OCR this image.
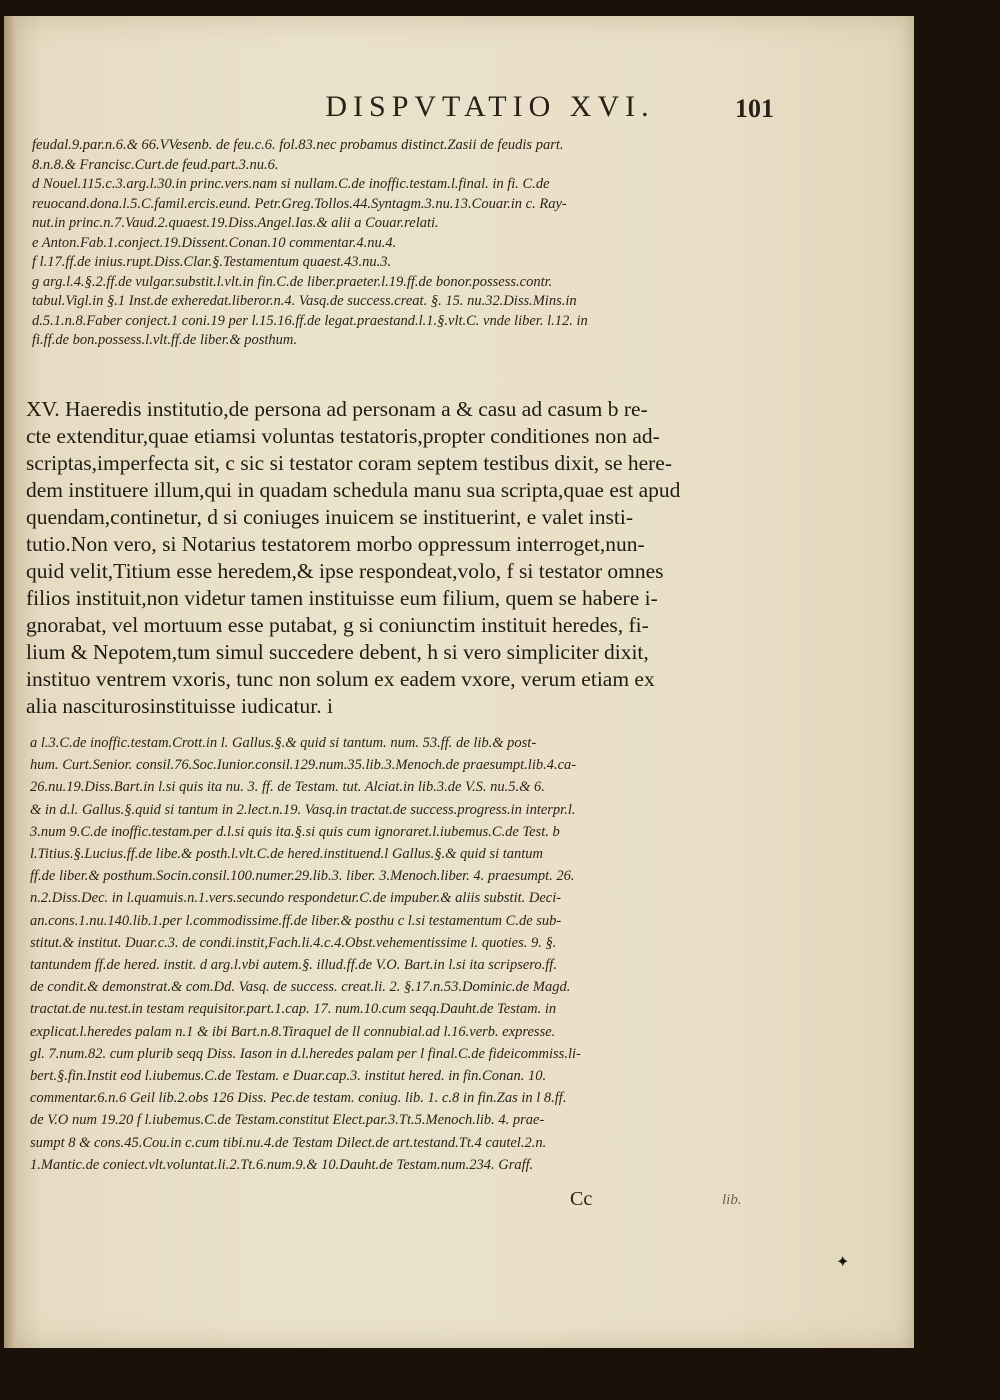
DISPVTATIO XVI.	101

feudal.9.par.n.6.& 66.VVesenb. de feu.c.6. fol.83.nec probamus distinct.Zasii de feudis part.

8.n.8.& Francisc.Curt.de feud.part.3.nu.6.

d Nouel.115.c.3.arg.l.30.in princ.vers.nam si nullam.C.de inoffic.testam.l.final. in fi. C.de

reuocand.dona.l.5.C.famil.ercis.eund. Petr.Greg.Tollos.44.Syntagm.3.nu.13.Couar.in c. Ray-

nut.in princ.n.7.Vaud.2.quaest.19.Diss.Angel.Ias.& alii a Couar.relati.

e Anton.Fab.1.conject.19.Dissent.Conan.10 commentar.4.nu.4.

f l.17.ff.de inius.rupt.Diss.Clar.§.Testamentum quaest.43.nu.3.

g arg.l.4.§.2.ff.de vulgar.substit.l.vlt.in fin.C.de liber.praeter.l.19.ff.de bonor.possess.contr.

tabul.Vigl.in §.1 Inst.de exheredat.liberor.n.4. Vasq.de success.creat. §. 15. nu.32.Diss.Mins.in

d.5.1.n.8.Faber conject.1 coni.19 per l.15.16.ff.de legat.praestand.l.1.§.vlt.C. vnde liber. l.12. in

fi.ff.de bon.possess.l.vlt.ff.de liber.& posthum.

XV. Haeredis institutio,de persona ad personam a & casu ad casum b re-

cte extenditur,quae etiamsi voluntas testatoris,propter conditiones non ad-

scriptas,imperfecta sit, c sic si testator coram septem testibus dixit, se here-

dem instituere illum,qui in quadam schedula manu sua scripta,quae est apud

quendam,continetur, d si coniuges inuicem se instituerint, e valet insti-

tutio.Non vero, si Notarius testatorem morbo oppressum interroget,nun-

quid velit,Titium esse heredem,& ipse respondeat,volo, f si testator omnes

filios instituit,non videtur tamen instituisse eum filium, quem se habere i-

gnorabat, vel mortuum esse putabat, g si coniunctim instituit heredes, fi-

lium & Nepotem,tum simul succedere debent, h si vero simpliciter dixit,

instituo ventrem vxoris, tunc non solum ex eadem vxore, verum etiam ex

alia nasciturosinstituisse iudicatur. i

a l.3.C.de inoffic.testam.Crott.in l. Gallus.§.& quid si tantum. num. 53.ff. de lib.& post-

hum. Curt.Senior. consil.76.Soc.Iunior.consil.129.num.35.lib.3.Menoch.de praesumpt.lib.4.ca-

26.nu.19.Diss.Bart.in l.si quis ita nu. 3. ff. de Testam. tut. Alciat.in lib.3.de V.S. nu.5.& 6.

& in d.l. Gallus.§.quid si tantum in 2.lect.n.19. Vasq.in tractat.de success.progress.in interpr.l.

3.num 9.C.de inoffic.testam.per d.l.si quis ita.§.si quis cum ignoraret.l.iubemus.C.de Test. b

l.Titius.§.Lucius.ff.de libe.& posth.l.vlt.C.de hered.instituend.l Gallus.§.& quid si tantum

ff.de liber.& posthum.Socin.consil.100.numer.29.lib.3. liber. 3.Menoch.liber. 4. praesumpt. 26.

n.2.Diss.Dec. in l.quamuis.n.1.vers.secundo respondetur.C.de impuber.& aliis substit. Deci-

an.cons.1.nu.140.lib.1.per l.commodissime.ff.de liber.& posthu c l.si testamentum C.de sub-

stitut.& institut. Duar.c.3. de condi.instit,Fach.li.4.c.4.Obst.vehementissime l. quoties. 9. §.

tantundem ff.de hered. instit. d arg.l.vbi autem.§. illud.ff.de V.O. Bart.in l.si ita scripsero.ff.

de condit.& demonstrat.& com.Dd. Vasq. de success. creat.li. 2. §.17.n.53.Dominic.de Magd.

tractat.de nu.test.in testam requisitor.part.1.cap. 17. num.10.cum seqq.Dauht.de Testam. in

explicat.l.heredes palam n.1 & ibi Bart.n.8.Tiraquel de ll connubial.ad l.16.verb. expresse.

gl. 7.num.82. cum plurib seqq Diss. Iason in d.l.heredes palam per l final.C.de fideicommiss.li-

bert.§.fin.Instit eod l.iubemus.C.de Testam. e Duar.cap.3. institut hered. in fin.Conan. 10.

commentar.6.n.6 Geil lib.2.obs 126 Diss. Pec.de testam. coniug. lib. 1. c.8 in fin.Zas in l 8.ff.

de V.O num 19.20 f l.iubemus.C.de Testam.constitut Elect.par.3.Tt.5.Menoch.lib. 4. prae-

sumpt 8 & cons.45.Cou.in c.cum tibi.nu.4.de Testam Dilect.de art.testand.Tt.4 cautel.2.n.

1.Mantic.de coniect.vlt.voluntat.li.2.Tt.6.num.9.& 10.Dauht.de Testam.num.234. Graff.

Cc	lib.
✦
